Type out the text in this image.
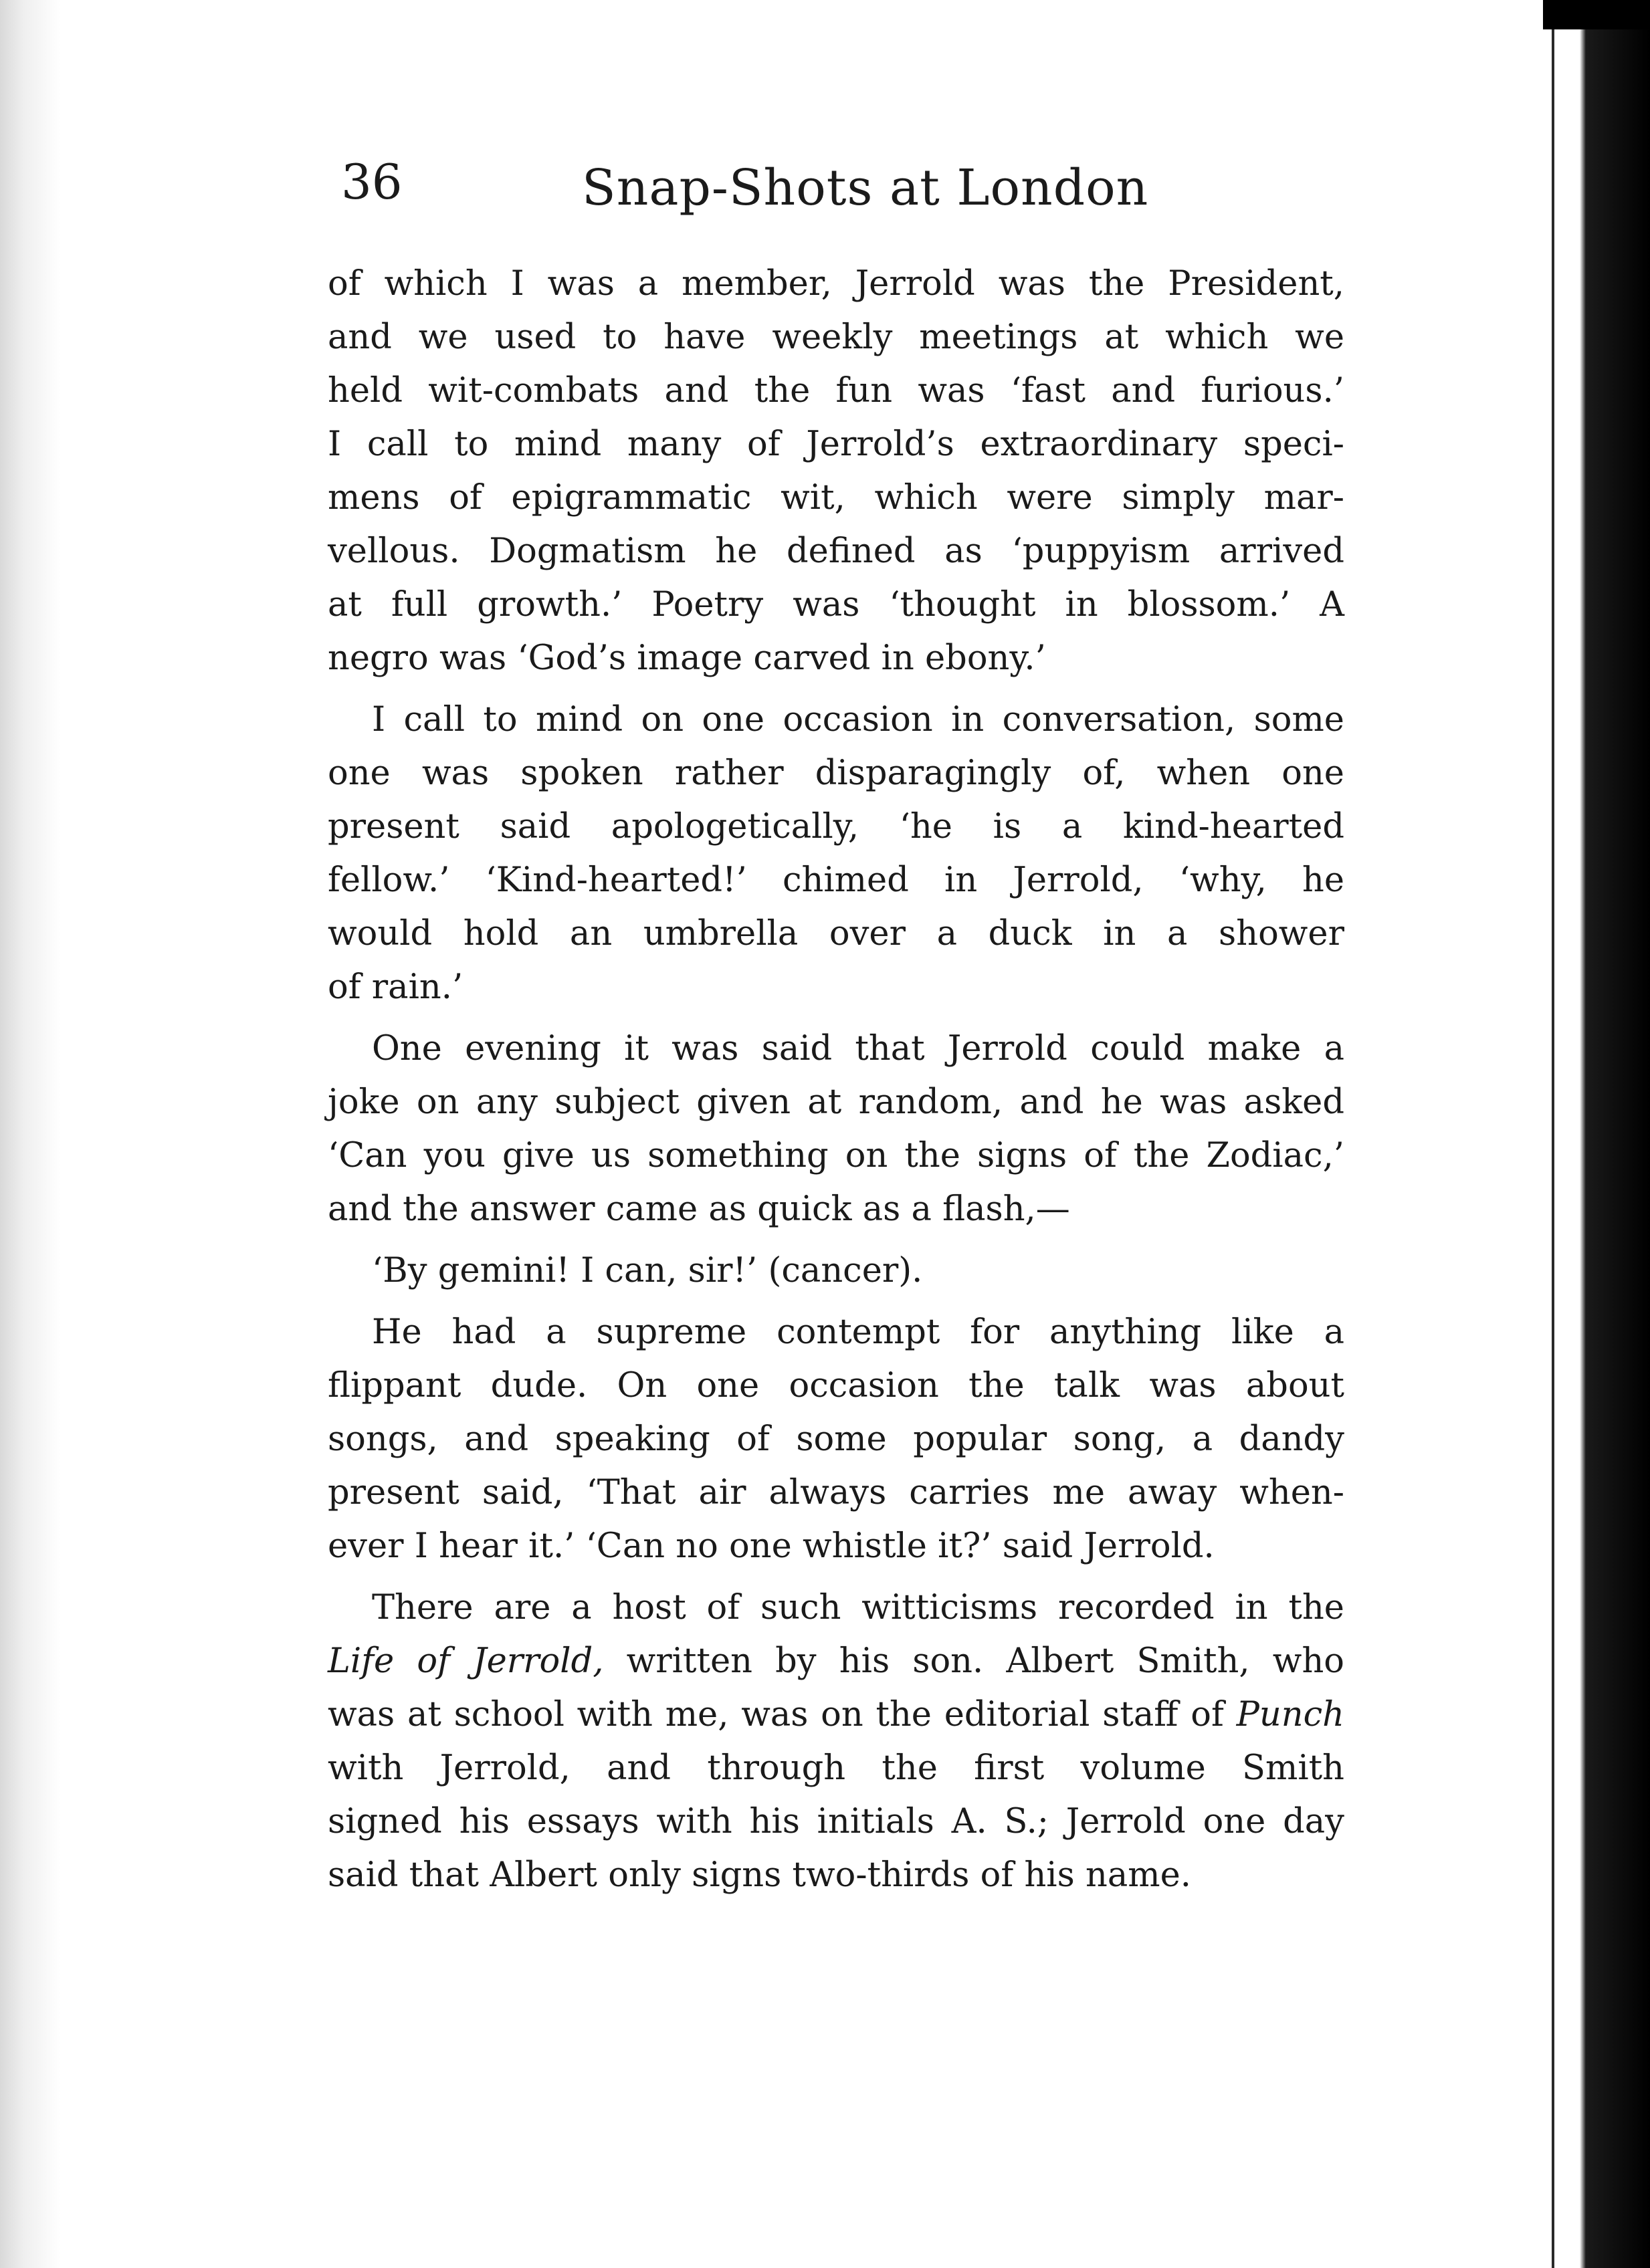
36	Snap-Shots at London
of which I was a member, Jerrold was the President,
and we used to have weekly meetings at which we
held wit-combats and the fun was ‘fast and furious.’
I call to mind many of Jerrold’s extraordinary speci-
mens of epigrammatic wit, which were simply mar-
vellous. Dogmatism he defined as ‘puppyism arrived
at full growth.’ Poetry was ‘thought in blossom.’ A
negro was ‘God’s image carved in ebony.’
I call to mind on one occasion in conversation, some
one was spoken rather disparagingly of, when one
present said apologetically, ‘he is a kind-hearted
fellow.’ ‘Kind-hearted!’ chimed in Jerrold, ‘why, he
would hold an umbrella over a duck in a shower
of rain.’
One evening it was said that Jerrold could make a
joke on any subject given at random, and he was asked
‘Can you give us something on the signs of the Zodiac,’
and the answer came as quick as a flash,—
‘By gemini! I can, sir!’ (cancer).
He had a supreme contempt for anything like a
flippant dude. On one occasion the talk was about
songs, and speaking of some popular song, a dandy
present said, ‘That air always carries me away when-
ever I hear it.’ ‘Can no one whistle it?’ said Jerrold.
There are a host of such witticisms recorded in the
Life of Jerrold, written by his son. Albert Smith, who
was at school with me, was on the editorial staff of Punch
with Jerrold, and through the first volume Smith
signed his essays with his initials A. S.; Jerrold one day
said that Albert only signs two-thirds of his name.
